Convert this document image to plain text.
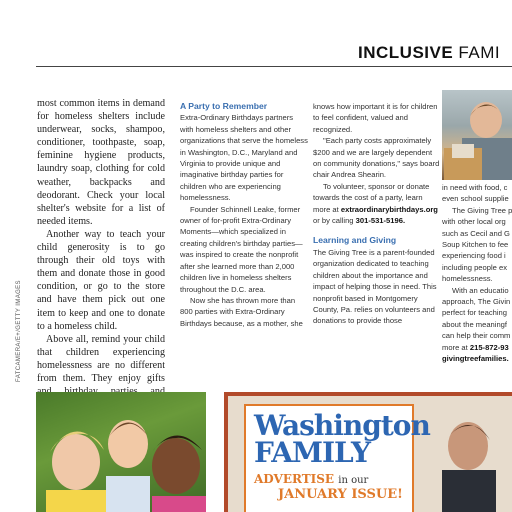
INCLUSIVE FAMI
FATCAMERA/E+/GETTY IMAGES

most common items in demand for homeless shelters include underwear, socks, shampoo, conditioner, toothpaste, soap, feminine hygiene products, laundry soap, clothing for cold weather, backpacks and deodorant. Check your local shelter's website for a list of needed items.

Another way to teach your child generosity is to go through their old toys with them and donate those in good condition, or go to the store and have them pick out one item to keep and one to donate to a homeless child.

Above all, remind your child that children experiencing homelessness are no different from them. They enjoy gifts

A Party to Remember

Extra-Ordinary Birthdays partners with homeless shelters and other organizations that serve the homeless in Washington, D.C., Maryland and Virginia to provide unique and imaginative birthday parties for children who are experiencing homelessness.

Founder Schinnell Leake, former owner of for-profit Extra-Ordinary Moments—which specialized in creating children's birthday parties—was inspired to create the nonprofit after she learned more than 2,000 children live in homeless shelters throughout the D.C. area.

Now she has thrown more than 800 parties with Extra-Ordinary Birthdays because, as a mother, she

knows how important it is for children to feel confident, valued and recognized.

"Each party costs approximately $200 and we are largely dependent on community donations," says board chair Andrea Shearin.

To volunteer, sponsor or donate towards the cost of a party, learn more at extraordinarybirthdays.org or by calling 301-531-5196.

Learning and Giving

The Giving Tree is a parent-founded organization dedicated to teaching children about the importance and impact of helping those in need. This nonprofit based in Montgomery County, Pa. relies on volunteers and donations to provide those

in need with food, c

even school supplie

The Giving Tree p

with other local org

such as Cecil and G

Soup Kitchen to fee

experiencing food i

including people ex

homelessness.

With an educatio

approach, The Givin

perfect for teaching

about the meaningf

can help their comm

more at 215-872-93

givingtreefamilies.

Washington
FAMILY
ADVERTISE in our
JANUARY ISSUE!
